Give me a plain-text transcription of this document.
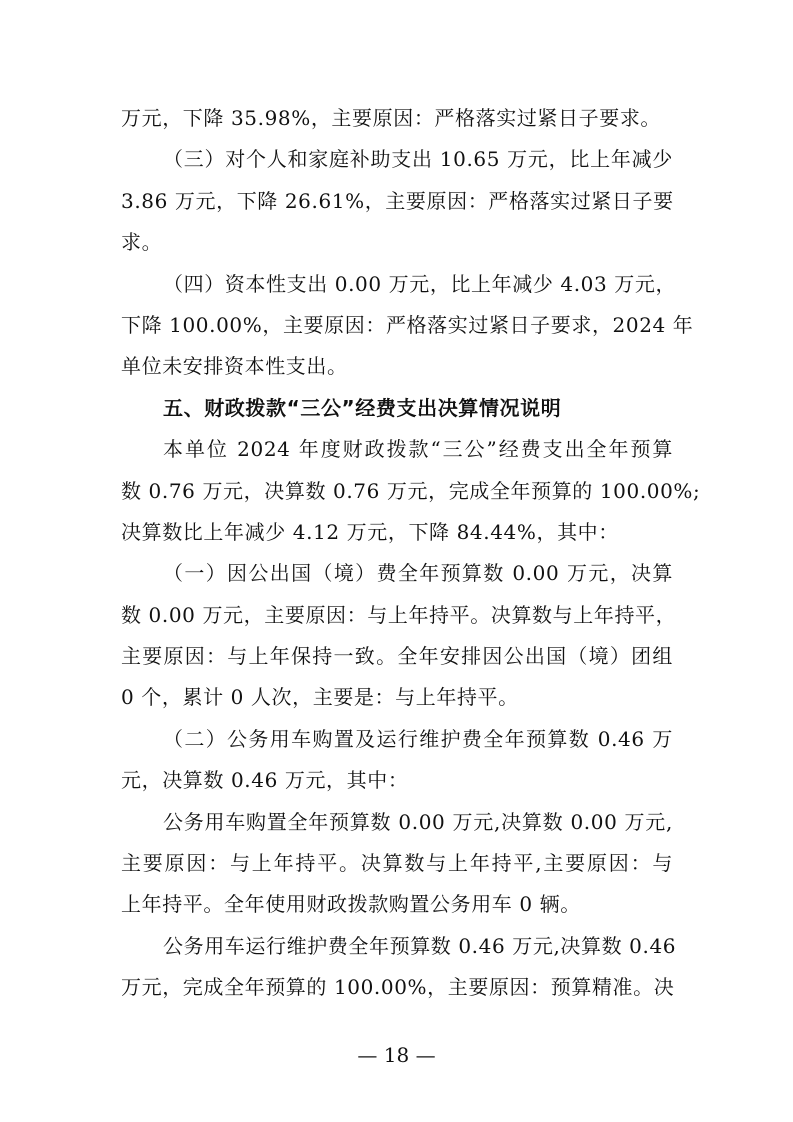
万元，下降 35.98%，主要原因：严格落实过紧日子要求。
（三）对个人和家庭补助支出 10.65 万元，比上年减少
3.86 万元，下降 26.61%，主要原因：严格落实过紧日子要
求。
（四）资本性支出 0.00 万元，比上年减少 4.03 万元，
下降 100.00%，主要原因：严格落实过紧日子要求，2024 年
单位未安排资本性支出。
五、财政拨款“三公”经费支出决算情况说明
本单位 2024 年度财政拨款“三公”经费支出全年预算
数 0.76 万元，决算数 0.76 万元，完成全年预算的 100.00%;
决算数比上年减少 4.12 万元，下降 84.44%，其中：
（一）因公出国（境）费全年预算数 0.00 万元，决算
数 0.00 万元，主要原因：与上年持平。决算数与上年持平，
主要原因：与上年保持一致。全年安排因公出国（境）团组
0 个，累计 0 人次，主要是：与上年持平。
（二）公务用车购置及运行维护费全年预算数 0.46 万
元，决算数 0.46 万元，其中：
公务用车购置全年预算数 0.00 万元,决算数 0.00 万元,
主要原因：与上年持平。决算数与上年持平,主要原因：与
上年持平。全年使用财政拨款购置公务用车 0 辆。
公务用车运行维护费全年预算数 0.46 万元,决算数 0.46
万元，完成全年预算的 100.00%，主要原因：预算精准。决
— 18 —
